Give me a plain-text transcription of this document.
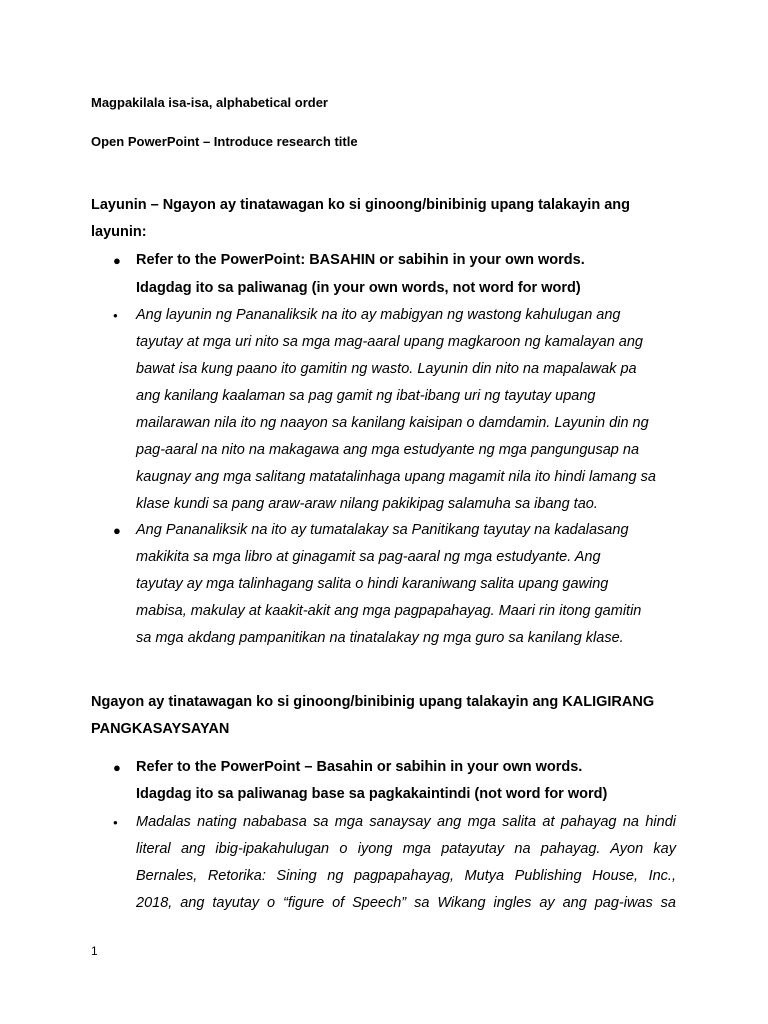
Magpakilala isa-isa, alphabetical order
Open PowerPoint – Introduce research title
Layunin – Ngayon ay tinatawagan ko si ginoong/binibinig upang talakayin ang
layunin:
● Refer to the PowerPoint: BASAHIN or sabihin in your own words.
Idagdag ito sa paliwanag (in your own words, not word for word)
• Ang layunin ng Pananaliksik na ito ay mabigyan ng wastong kahulugan ang
tayutay at mga uri nito sa mga mag-aaral upang magkaroon ng kamalayan ang
bawat isa kung paano ito gamitin ng wasto. Layunin din nito na mapalawak pa
ang kanilang kaalaman sa pag gamit ng ibat-ibang uri ng tayutay upang
mailarawan nila ito ng naayon sa kanilang kaisipan o damdamin. Layunin din ng
pag-aaral na nito na makagawa ang mga estudyante ng mga pangungusap na
kaugnay ang mga salitang matatalinhaga upang magamit nila ito hindi lamang sa
klase kundi sa pang araw-araw nilang pakikipag salamuha sa ibang tao.
● Ang Pananaliksik na ito ay tumatalakay sa Panitikang tayutay na kadalasang
makikita sa mga libro at ginagamit sa pag-aaral ng mga estudyante. Ang
tayutay ay mga talinhagang salita o hindi karaniwang salita upang gawing
mabisa, makulay at kaakit-akit ang mga pagpapahayag. Maari rin itong gamitin
sa mga akdang pampanitikan na tinatalakay ng mga guro sa kanilang klase.
Ngayon ay tinatawagan ko si ginoong/binibinig upang talakayin ang KALIGIRANG
PANGKASAYSAYAN
● Refer to the PowerPoint – Basahin or sabihin in your own words.
Idagdag ito sa paliwanag base sa pagkakaintindi (not word for word)
• Madalas nating nababasa sa mga sanaysay ang mga salita at pahayag na hindi
literal ang ibig-ipakahulugan o iyong mga patayutay na pahayag. Ayon kay
Bernales, Retorika: Sining ng pagpapahayag, Mutya Publishing House, Inc.,
2018, ang tayutay o “figure of Speech” sa Wikang ingles ay ang pag-iwas sa
1
